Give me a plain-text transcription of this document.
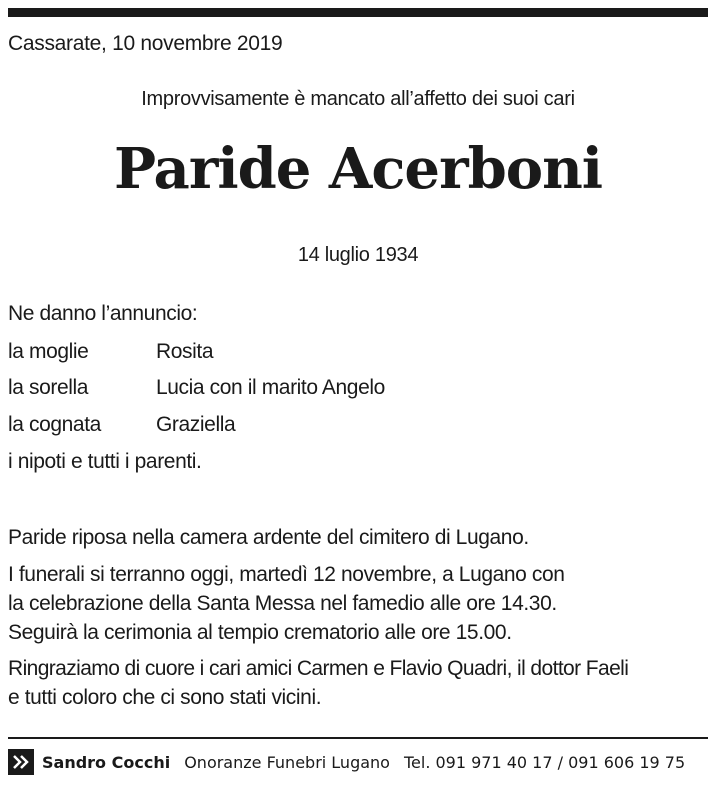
Cassarate, 10 novembre 2019
Improvvisamente è mancato all’affetto dei suoi cari
Paride Acerboni
14 luglio 1934
Ne danno l’annuncio:
la moglie	Rosita
la sorella	Lucia con il marito Angelo
la cognata	Graziella
i nipoti e tutti i parenti.
Paride riposa nella camera ardente del cimitero di Lugano.
I funerali si terranno oggi, martedì 12 novembre, a Lugano con
la celebrazione della Santa Messa nel famedio alle ore 14.30.
Seguirà la cerimonia al tempio crematorio alle ore 15.00.
Ringraziamo di cuore i cari amici Carmen e Flavio Quadri, il dottor Faeli
e tutti coloro che ci sono stati vicini.
Sandro Cocchi Onoranze Funebri Lugano Tel. 091 971 40 17 / 091 606 19 75
